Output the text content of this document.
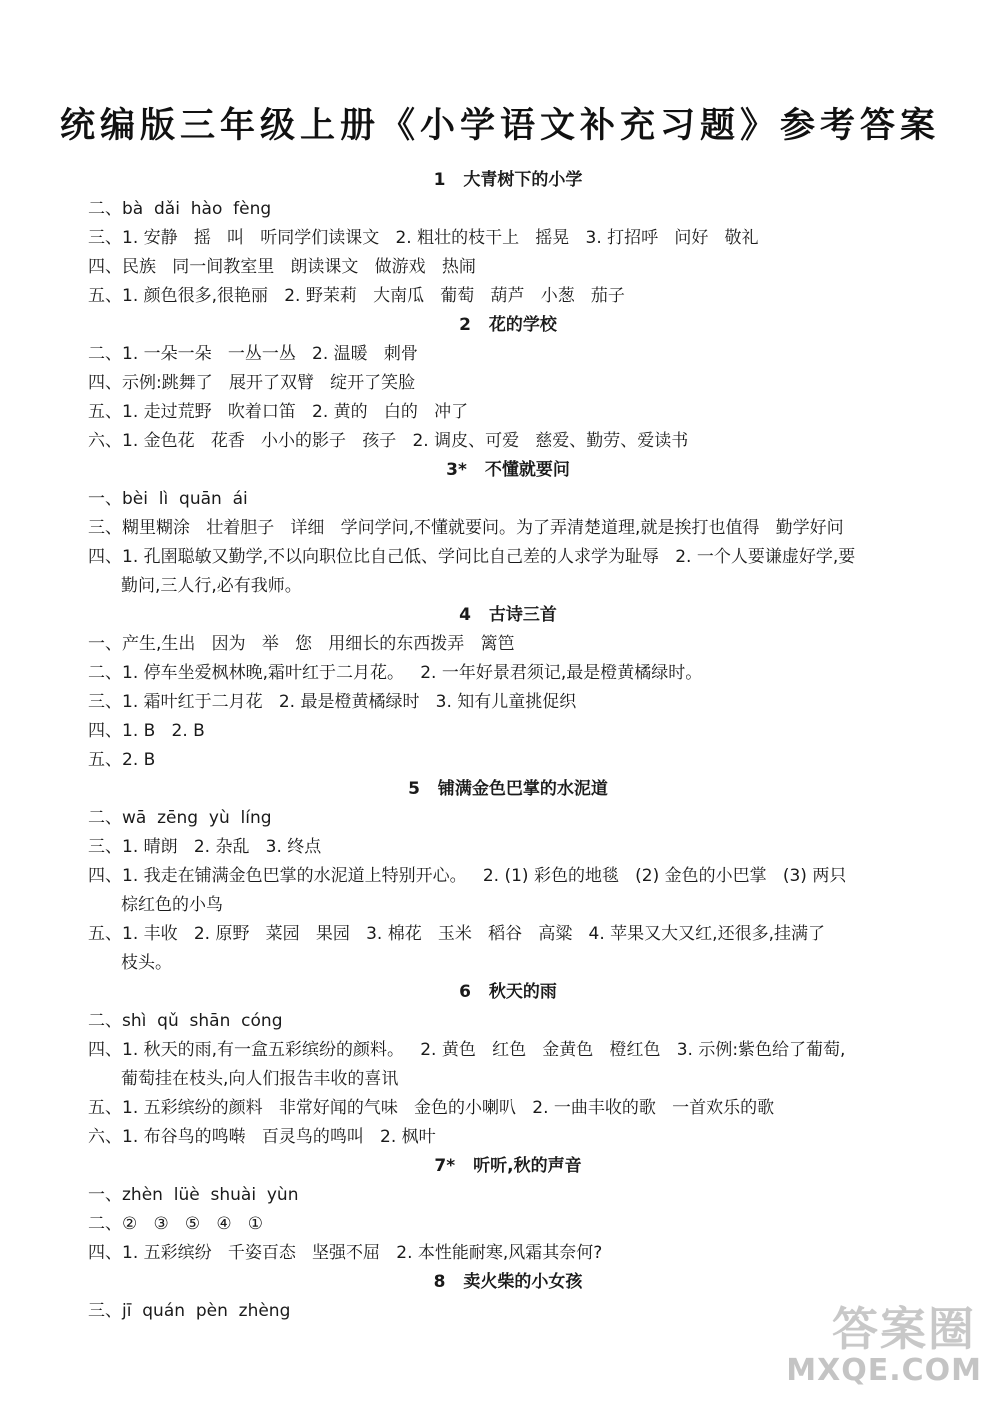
统编版三年级上册《小学语文补充习题》参考答案
1 大青树下的小学
二、bà  dǎi  hào  fèng
三、1. 安静   摇   叫   听同学们读课文   2. 粗壮的枝干上   摇晃   3. 打招呼   问好   敬礼
四、民族   同一间教室里   朗读课文   做游戏   热闹
五、1. 颜色很多,很艳丽   2. 野茉莉   大南瓜   葡萄   葫芦   小葱   茄子
2 花的学校
二、1. 一朵一朵   一丛一丛   2. 温暖   刺骨
四、示例:跳舞了   展开了双臂   绽开了笑脸
五、1. 走过荒野   吹着口笛   2. 黄的   白的   冲了
六、1. 金色花   花香   小小的影子   孩子   2. 调皮、可爱   慈爱、勤劳、爱读书
3* 不懂就要问
一、bèi  lì  quān  ái
三、糊里糊涂   壮着胆子   详细   学问学问,不懂就要问。为了弄清楚道理,就是挨打也值得   勤学好问
四、1. 孔圉聪敏又勤学,不以向职位比自己低、学问比自己差的人求学为耻辱   2. 一个人要谦虚好学,要
勤问,三人行,必有我师。
4 古诗三首
一、产生,生出   因为   举   您   用细长的东西拨弄   篱笆
二、1. 停车坐爱枫林晚,霜叶红于二月花。   2. 一年好景君须记,最是橙黄橘绿时。
三、1. 霜叶红于二月花   2. 最是橙黄橘绿时   3. 知有儿童挑促织
四、1. B   2. B
五、2. B
5 铺满金色巴掌的水泥道
二、wā  zēng  yù  líng
三、1. 晴朗   2. 杂乱   3. 终点
四、1. 我走在铺满金色巴掌的水泥道上特别开心。   2. (1) 彩色的地毯   (2) 金色的小巴掌   (3) 两只
棕红色的小鸟
五、1. 丰收   2. 原野   菜园   果园   3. 棉花   玉米   稻谷   高粱   4. 苹果又大又红,还很多,挂满了
枝头。
6 秋天的雨
二、shì  qǔ  shān  cóng
四、1. 秋天的雨,有一盒五彩缤纷的颜料。   2. 黄色   红色   金黄色   橙红色   3. 示例:紫色给了葡萄,
葡萄挂在枝头,向人们报告丰收的喜讯
五、1. 五彩缤纷的颜料   非常好闻的气味   金色的小喇叭   2. 一曲丰收的歌   一首欢乐的歌
六、1. 布谷鸟的鸣啭   百灵鸟的鸣叫   2. 枫叶
7* 听听,秋的声音
一、zhèn  lüè  shuài  yùn
二、②   ③   ⑤   ④   ①
四、1. 五彩缤纷   千姿百态   坚强不屈   2. 本性能耐寒,风霜其奈何?
8 卖火柴的小女孩
三、jī  quán  pèn  zhèng	答案圈
MXQE.COM
